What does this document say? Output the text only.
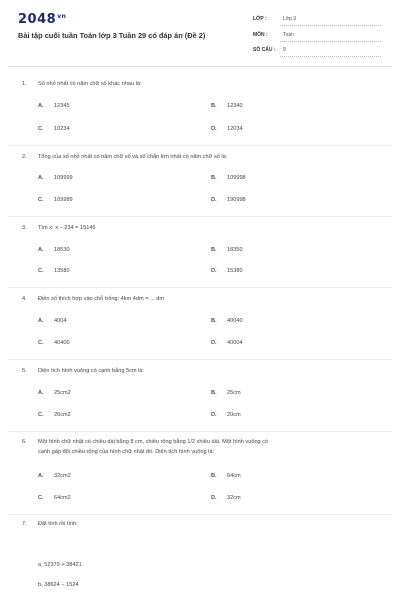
$2048^{vn}$
Bài tập cuối tuần Toán lớp 3 Tuần 29 có đáp án (Đề 2)
LỚP :	Lớp 3
MÔN :	Toán
SỐ CÂU : 9
1. Số nhỏ nhất có năm chữ số khác nhau là:
A. 12345	B. 12340
C. 10234	D. 12034
2. Tổng của số nhỏ nhất có năm chữ số và số chẵn lớn nhất có năm chữ số là:
A. 109999	B. 109998
C. 109989	D. 190998
3. Tìm x: x − 234 = 15146
A. 18530	B. 18350
C. 13580	D. 15380
4. Điền số thích hợp vào chỗ trống: 4km 4dm = ... dm
A. 4004	B. 40040
C. 40400	D. 40004
5. Diện tích hình vuông có cạnh bằng 5cm là:
A. 25cm2	B. 25cm
C. 20cm2	D. 20cm
6. Một hình chữ nhật có chiều dài bằng 8 cm, chiều rộng bằng 1/2 chiều dài. Một hình vuông có
cạnh gấp đôi chiều rộng của hình chữ nhật đó. Diện tích hình vuông là:
A. 32cm2	B. 64cm
C. 64cm2	D. 32cm
7. Đặt tính rồi tính:
a, 52379 + 38421
b, 38624 − 1524
